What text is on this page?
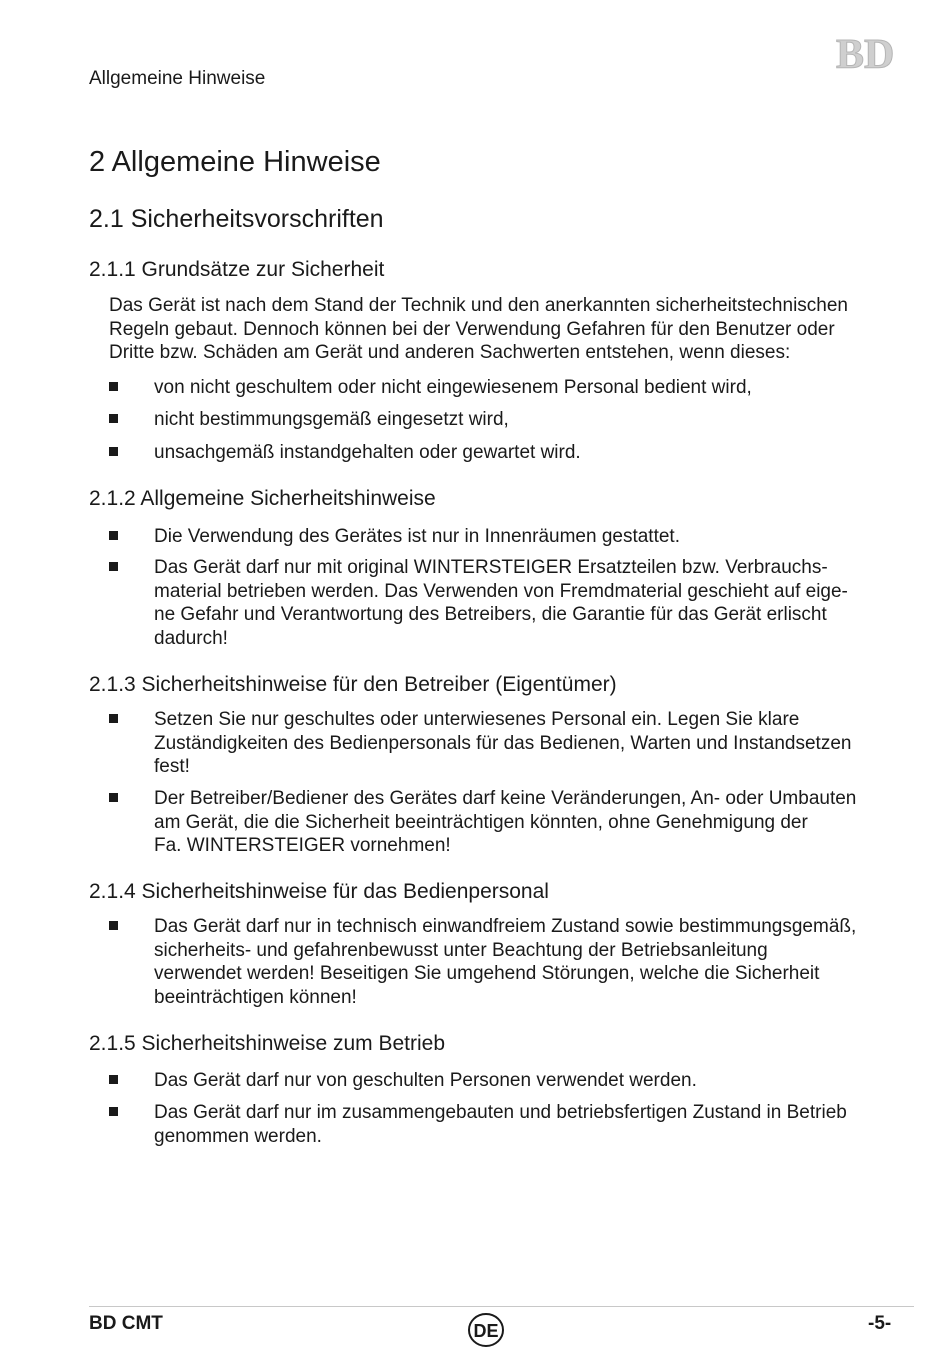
Allgemeine Hinweise
BD
2 Allgemeine Hinweise
2.1 Sicherheitsvorschriften
2.1.1 Grundsätze zur Sicherheit
Das Gerät ist nach dem Stand der Technik und den anerkannten sicherheitstechnischen
Regeln gebaut. Dennoch können bei der Verwendung Gefahren für den Benutzer oder
Dritte bzw. Schäden am Gerät und anderen Sachwerten entstehen, wenn dieses:
von nicht geschultem oder nicht eingewiesenem Personal bedient wird,
nicht bestimmungsgemäß eingesetzt wird,
unsachgemäß instandgehalten oder gewartet wird.
2.1.2 Allgemeine Sicherheitshinweise
Die Verwendung des Gerätes ist nur in Innenräumen gestattet.
Das Gerät darf nur mit original WINTERSTEIGER Ersatzteilen bzw. Verbrauchs-
material betrieben werden. Das Verwenden von Fremdmaterial geschieht auf eige-
ne Gefahr und Verantwortung des Betreibers, die Garantie für das Gerät erlischt
dadurch!
2.1.3 Sicherheitshinweise für den Betreiber (Eigentümer)
Setzen Sie nur geschultes oder unterwiesenes Personal ein. Legen Sie klare
Zuständigkeiten des Bedienpersonals für das Bedienen, Warten und Instandsetzen
fest!
Der Betreiber/Bediener des Gerätes darf keine Veränderungen, An- oder Umbauten
am Gerät, die die Sicherheit beeinträchtigen könnten, ohne Genehmigung der
Fa. WINTERSTEIGER vornehmen!
2.1.4 Sicherheitshinweise für das Bedienpersonal
Das Gerät darf nur in technisch einwandfreiem Zustand sowie bestimmungsgemäß,
sicherheits- und gefahrenbewusst unter Beachtung der Betriebsanleitung
verwendet werden! Beseitigen Sie umgehend Störungen, welche die Sicherheit
beeinträchtigen können!
2.1.5 Sicherheitshinweise zum Betrieb
Das Gerät darf nur von geschulten Personen verwendet werden.
Das Gerät darf nur im zusammengebauten und betriebsfertigen Zustand in Betrieb
genommen werden.
BD CMT	DE	-5-
